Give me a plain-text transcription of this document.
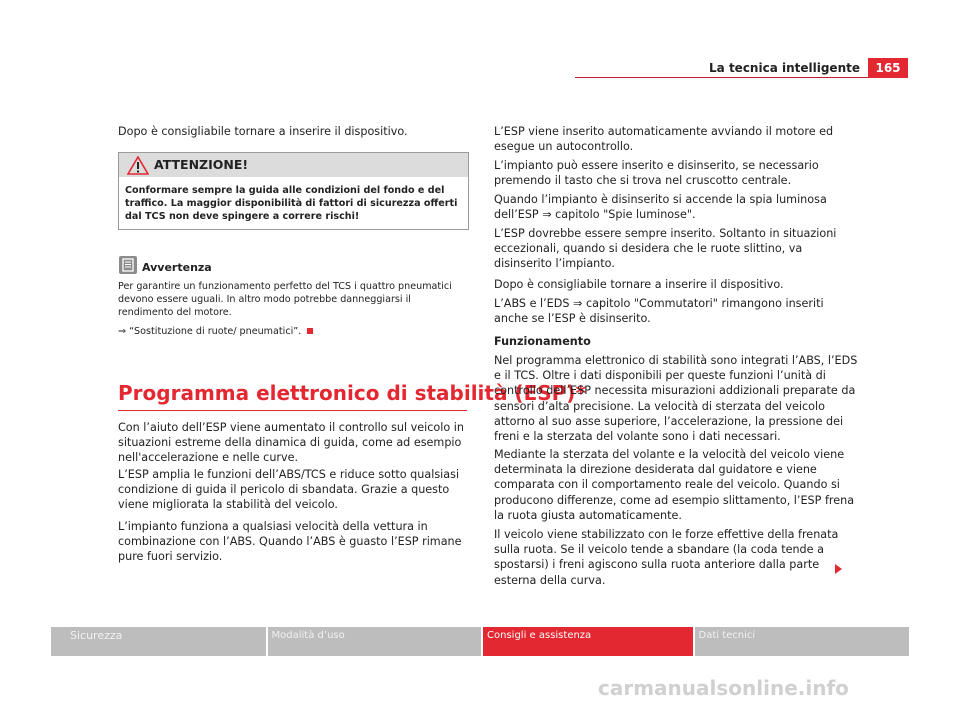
La tecnica intelligente	165

Dopo è consigliabile tornare a inserire il dispositivo.

ATTENZIONE!
Conformare sempre la guida alle condizioni del fondo e del traffico. La maggior disponibilità di fattori di sicurezza offerti dal TCS non deve spingere a correre rischi!
Avvertenza
Per garantire un funzionamento perfetto del TCS i quattro pneumatici devono essere uguali. In altro modo potrebbe danneggiarsi il rendimento del motore.
⇒ “Sostituzione di ruote/ pneumatici”.
Programma elettronico di stabilità (ESP)*

Con l’aiuto dell’ESP viene aumentato il controllo sul veicolo in situazioni estreme della dinamica di guida, come ad esempio nell'accelerazione e nelle curve.

L’ESP amplia le funzioni dell’ABS/TCS e riduce sotto qualsiasi condizione di guida il pericolo di sbandata. Grazie a questo viene migliorata la stabilità del veicolo.

L’impianto funziona a qualsiasi velocità della vettura in combinazione con l’ABS. Quando l’ABS è guasto l’ESP rimane pure fuori servizio.

L’ESP viene inserito automaticamente avviando il motore ed esegue un autocontrollo.

L’impianto può essere inserito e disinserito, se necessario premendo il tasto che si trova nel cruscotto centrale.

Quando l’impianto è disinserito si accende la spia luminosa dell’ESP ⇒ capitolo "Spie luminose".

L’ESP dovrebbe essere sempre inserito. Soltanto in situazioni eccezionali, quando si desidera che le ruote slittino, va disinserito l’impianto.

Dopo è consigliabile tornare a inserire il dispositivo.

L’ABS e l’EDS ⇒ capitolo "Commutatori" rimangono inseriti anche se l’ESP è disinserito.

Funzionamento

Nel programma elettronico di stabilità sono integrati l’ABS, l’EDS e il TCS. Oltre i dati disponibili per queste funzioni l’unità di controllo dell’ESP necessita misurazioni addizionali preparate da sensori d’alta precisione. La velocità di sterzata del veicolo attorno al suo asse superiore, l’accelerazione, la pressione dei freni e la sterzata del volante sono i dati necessari.

Mediante la sterzata del volante e la velocità del veicolo viene determinata la direzione desiderata dal guidatore e viene comparata con il comportamento reale del veicolo. Quando si producono differenze, come ad esempio slittamento, l’ESP frena la ruota giusta automaticamente.

Il veicolo viene stabilizzato con le forze effettive della frenata sulla ruota. Se il veicolo tende a sbandare (la coda tende a spostarsi) i freni agiscono sulla ruota anteriore dalla parte esterna della curva.

Sicurezza	Modalità d’uso	Consigli e assistenza	Dati tecnici
carmanualsonline.info
